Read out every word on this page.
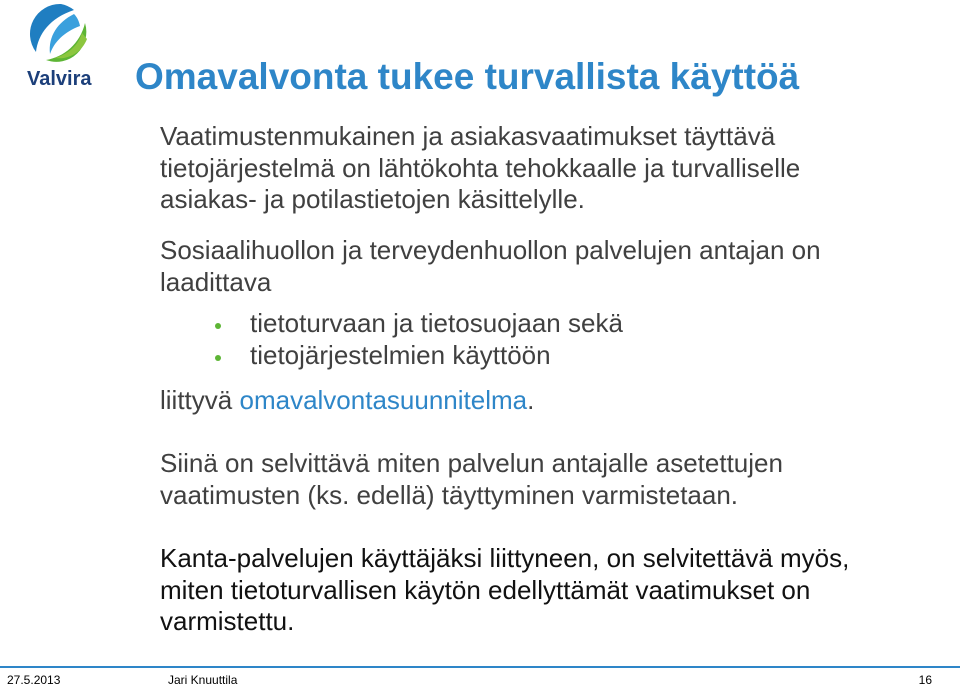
Valvira Omavalvonta tukee turvallista käyttöä
Vaatimustenmukainen ja asiakasvaatimukset täyttävä
tietojärjestelmä on lähtökohta tehokkaalle ja turvalliselle
asiakas- ja potilastietojen käsittelylle.
Sosiaalihuollon ja terveydenhuollon palvelujen antajan on
laadittava
tietoturvaan ja tietosuojaan sekä
tietojärjestelmien käyttöön
liittyvä omavalvontasuunnitelma.
Siinä on selvittävä miten palvelun antajalle asetettujen
vaatimusten (ks. edellä) täyttyminen varmistetaan.
Kanta-palvelujen käyttäjäksi liittyneen, on selvitettävä myös,
miten tietoturvallisen käytön edellyttämät vaatimukset on
varmistettu.
27.5.2013	Jari Knuuttila	16
